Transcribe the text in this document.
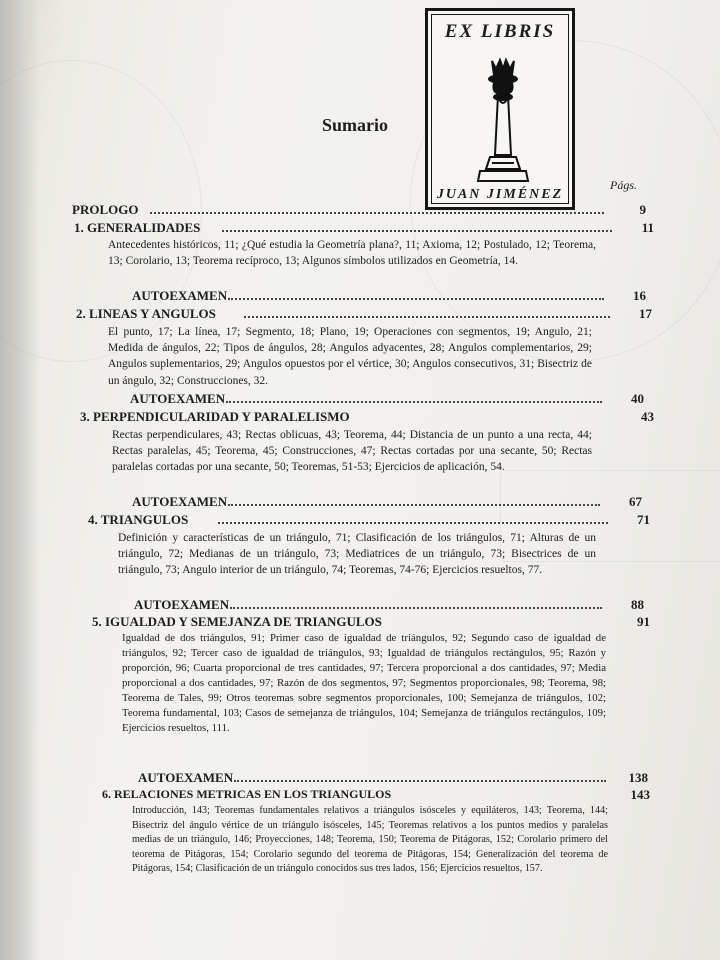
EX LIBRIS
JUAN JIMÉNEZ
Sumario
Págs.
PROLOGO	9
1. GENERALIDADES	11
Antecedentes históricos, 11; ¿Qué estudia la Geometría plana?, 11; Axioma, 12; Postulado, 12; Teorema, 13; Corolario, 13; Teorema recíproco, 13; Algunos símbolos utilizados en Geometría, 14.
AUTOEXAMEN	16
2. LINEAS Y ANGULOS	17
El punto, 17; La línea, 17; Segmento, 18; Plano, 19; Operaciones con segmentos, 19; Angulo, 21; Medida de ángulos, 22; Tipos de ángulos, 28; Angulos adyacentes, 28; Angulos complementarios, 29; Angulos suplementarios, 29; Angulos opuestos por el vértice, 30; Angulos consecutivos, 31; Bisectriz de un ángulo, 32; Construcciones, 32.
AUTOEXAMEN	40
3. PERPENDICULARIDAD Y PARALELISMO	43
Rectas perpendiculares, 43; Rectas oblicuas, 43; Teorema, 44; Distancia de un punto a una recta, 44; Rectas paralelas, 45; Teorema, 45; Construcciones, 47; Rectas cortadas por una secante, 50; Rectas paralelas cortadas por una secante, 50; Teoremas, 51-53; Ejercicios de aplicación, 54.
AUTOEXAMEN	67
4. TRIANGULOS	71
Definición y características de un triángulo, 71; Clasificación de los triángulos, 71; Alturas de un triángulo, 72; Medianas de un triángulo, 73; Mediatrices de un triángulo, 73; Bisectrices de un triángulo, 73; Angulo interior de un triángulo, 74; Teoremas, 74-76; Ejercicios resueltos, 77.
AUTOEXAMEN	88
5. IGUALDAD Y SEMEJANZA DE TRIANGULOS	91
Igualdad de dos triángulos, 91; Primer caso de igualdad de triángulos, 92; Segundo caso de igualdad de triángulos, 92; Tercer caso de igualdad de triángulos, 93; Igualdad de triángulos rectángulos, 95; Razón y proporción, 96; Cuarta proporcional de tres cantidades, 97; Tercera proporcional a dos cantidades, 97; Media proporcional a dos cantidades, 97; Razón de dos segmentos, 97; Segmentos proporcionales, 98; Teorema, 98; Teorema de Tales, 99; Otros teoremas sobre segmentos proporcionales, 100; Semejanza de triángulos, 102; Teorema fundamental, 103; Casos de semejanza de triángulos, 104; Semejanza de triángulos rectángulos, 109; Ejercicios resueltos, 111.
AUTOEXAMEN	138
6. RELACIONES METRICAS EN LOS TRIANGULOS	143
Introducción, 143; Teoremas fundamentales relativos a triángulos isósceles y equiláteros, 143; Teorema, 144; Bisectriz del ángulo vértice de un triángulo isósceles, 145; Teoremas relativos a los puntos medios y paralelas medias de un triángulo, 146; Proyecciones, 148; Teorema, 150; Teorema de Pitágoras, 152; Corolario primero del teorema de Pitágoras, 154; Corolario segundo del teorema de Pitágoras, 154; Generalización del teorema de Pitágoras, 154; Clasificación de un triángulo conocidos sus tres lados, 156; Ejercicios resueltos, 157.
